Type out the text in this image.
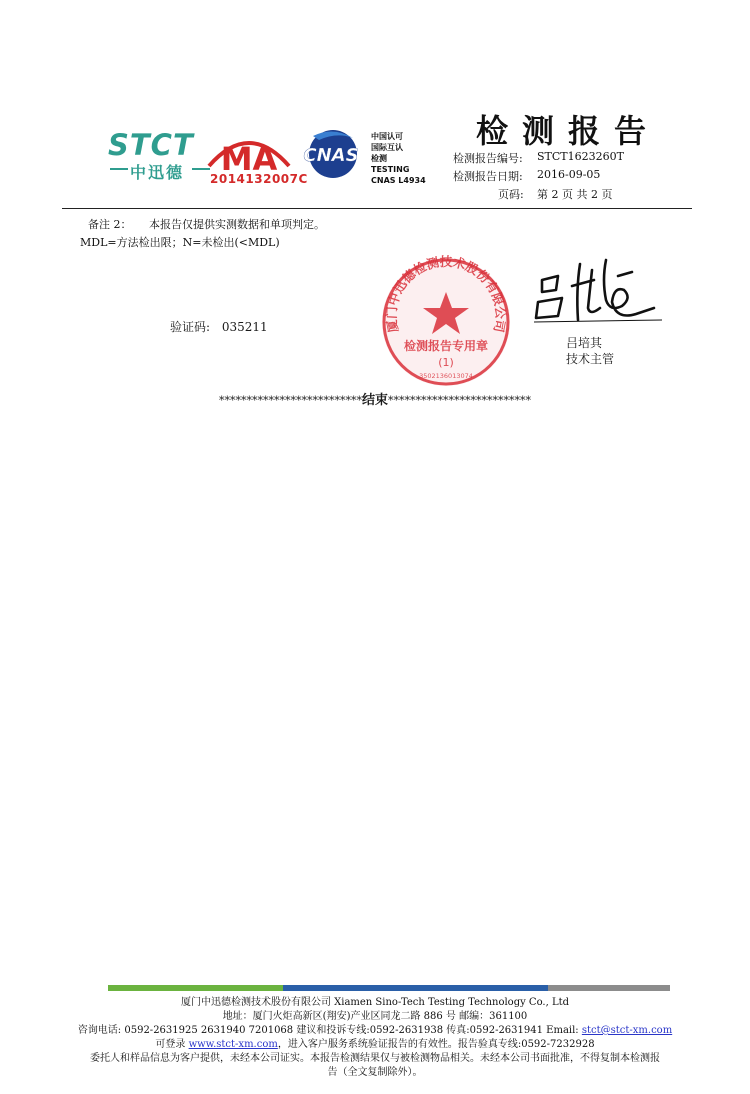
STCT
中迅德	MA
2014132007C
CNAS
中国认可
国际互认
检测
TESTING
CNAS L4934
检测报告
检测报告编号: STCT1623260T
检测报告日期: 2016-09-05
页码: 第 2 页 共 2 页
备注 2： 本报告仅提供实测数据和单项判定。
MDL=方法检出限；N=未检出(<MDL)
验证码: 035211	厦门中迅德检测技术股份有限公司
检测报告专用章
(1)
3502136013074
吕培其
技术主管
**************************结束**************************
厦门中迅德检测技术股份有限公司 Xiamen Sino-Tech Testing Technology Co., Ltd
地址：厦门火炬高新区(翔安)产业区同龙二路 886 号 邮编：361100
咨询电话: 0592-2631925 2631940 7201068 建议和投诉专线:0592-2631938 传真:0592-2631941 Email: stct@stct-xm.com
可登录 www.stct-xm.com，进入客户服务系统验证报告的有效性。报告验真专线:0592-7232928
委托人和样品信息为客户提供，未经本公司证实。本报告检测结果仅与被检测物品相关。未经本公司书面批准，不得复制本检测报
告（全文复制除外）。
